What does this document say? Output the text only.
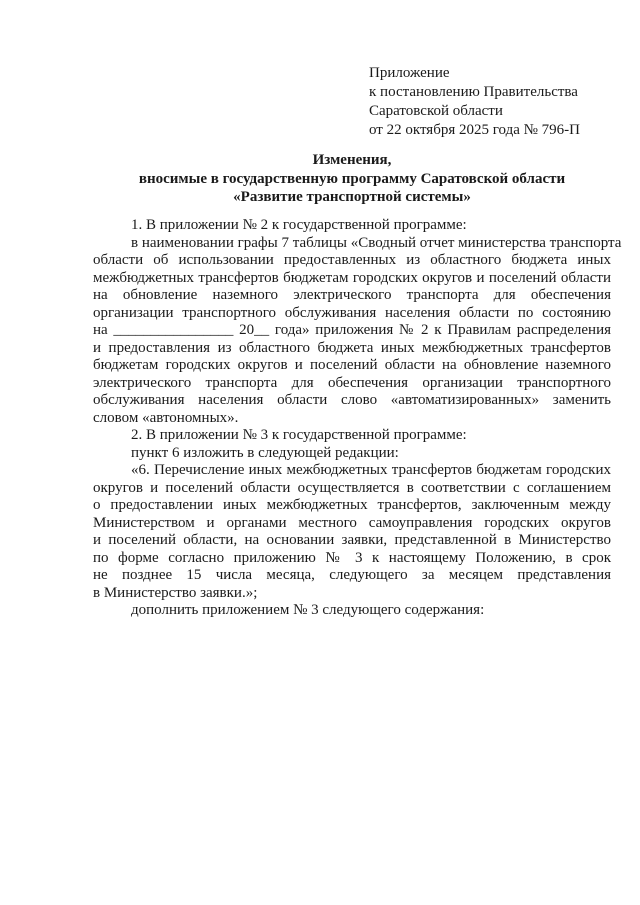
Приложение
к постановлению Правительства
Саратовской области
от 22 октября 2025 года № 796-П
Изменения,
вносимые в государственную программу Саратовской области
«Развитие транспортной системы»
1. В приложении № 2 к государственной программе:
в наименовании графы 7 таблицы «Сводный отчет министерства транспорта
области об использовании предоставленных из областного бюджета иных
межбюджетных трансфертов бюджетам городских округов и поселений области
на обновление наземного электрического транспорта для обеспечения
организации транспортного обслуживания населения области по состоянию
на ________________ 20__ года» приложения № 2 к Правилам распределения
и предоставления из областного бюджета иных межбюджетных трансфертов
бюджетам городских округов и поселений области на обновление наземного
электрического транспорта для обеспечения организации транспортного
обслуживания населения области слово «автоматизированных» заменить
словом «автономных».
2. В приложении № 3 к государственной программе:
пункт 6 изложить в следующей редакции:
«6. Перечисление иных межбюджетных трансфертов бюджетам городских
округов и поселений области осуществляется в соответствии с соглашением
о предоставлении иных межбюджетных трансфертов, заключенным между
Министерством и органами местного самоуправления городских округов
и поселений области, на основании заявки, представленной в Министерство
по форме согласно приложению № 3 к настоящему Положению, в срок
не позднее 15 числа месяца, следующего за месяцем представления
в Министерство заявки.»;
дополнить приложением № 3 следующего содержания:
